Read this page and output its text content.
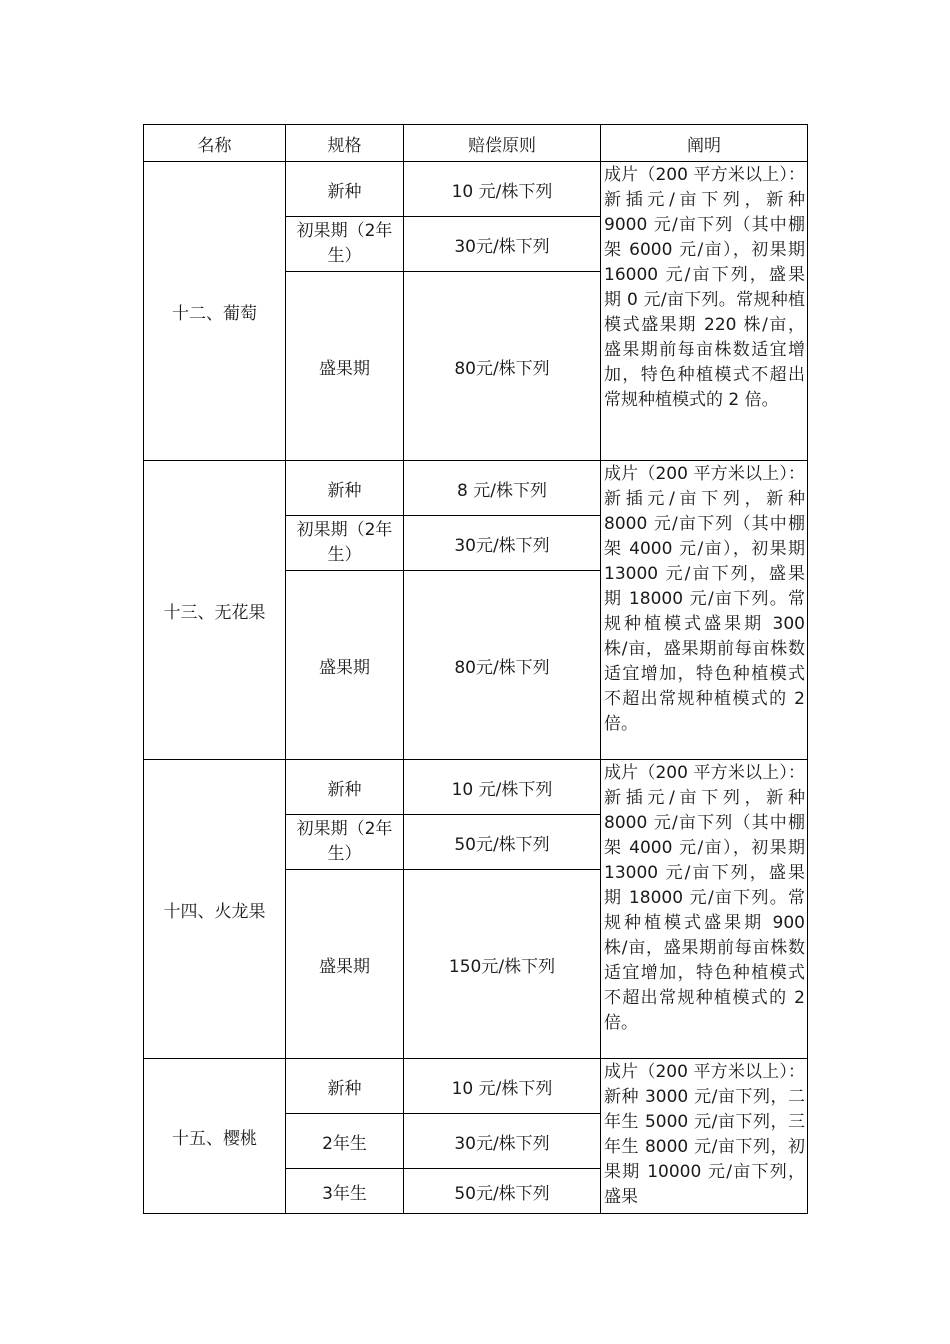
名称	规格	赔偿原则	阐明
十二、葡萄	新种	10 元/株下列	成片（200 平方米以上）：新插元/亩下列，新种 9000 元/亩下列（其中棚架 6000 元/亩），初果期 16000 元/亩下列，盛果期 0 元/亩下列。常规种植模式盛果期 220 株/亩，盛果期前每亩株数适宜增加，特色种植模式不超出常规种植模式的 2 倍。

	初果期（2年生）	30元/株下列	
	盛果期	80元/株下列	
十三、无花果	新种	8 元/株下列	成片（200 平方米以上）：新插元/亩下列，新种 8000 元/亩下列（其中棚架 4000 元/亩），初果期 13000 元/亩下列，盛果期 18000 元/亩下列。常规种植模式盛果期 300 株/亩，盛果期前每亩株数适宜增加，特色种植模式不超出常规种植模式的 2 倍。

	初果期（2年生）	30元/株下列	
	盛果期	80元/株下列	
十四、火龙果	新种	10 元/株下列	成片（200 平方米以上）：新插元/亩下列，新种 8000 元/亩下列（其中棚架 4000 元/亩），初果期 13000 元/亩下列，盛果期 18000 元/亩下列。常规种植模式盛果期 900 株/亩，盛果期前每亩株数适宜增加，特色种植模式不超出常规种植模式的 2 倍。

	初果期（2年生）	50元/株下列	
	盛果期	150元/株下列	
十五、樱桃	新种	10 元/株下列	成片（200 平方米以上）：新种 3000 元/亩下列，二年生 5000 元/亩下列，三年生 8000 元/亩下列，初果期 10000 元/亩下列，盛果

	2年生	30元/株下列	
	3年生	50元/株下列	
